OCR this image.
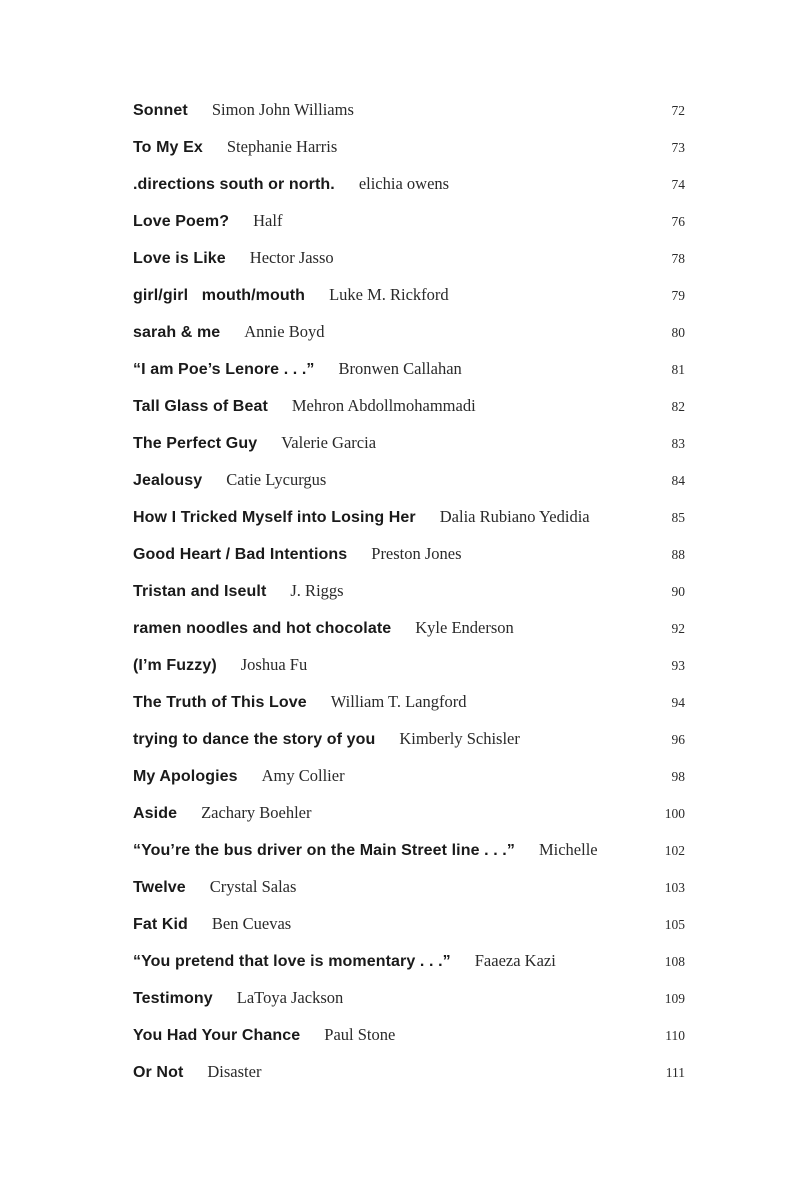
Sonnet Simon John Williams	72
To My Ex Stephanie Harris	73
.directions south or north. elichia owens	74
Love Poem? Half	76
Love is Like Hector Jasso	78
girl/girl   mouth/mouth Luke M. Rickford	79
sarah & me Annie Boyd	80
“I am Poe’s Lenore . . .” Bronwen Callahan	81
Tall Glass of Beat Mehron Abdollmohammadi	82
The Perfect Guy Valerie Garcia	83
Jealousy Catie Lycurgus	84
How I Tricked Myself into Losing Her Dalia Rubiano Yedidia	85
Good Heart / Bad Intentions Preston Jones	88
Tristan and Iseult J. Riggs	90
ramen noodles and hot chocolate Kyle Enderson	92
(I’m Fuzzy) Joshua Fu	93
The Truth of This Love William T. Langford	94
trying to dance the story of you Kimberly Schisler	96
My Apologies Amy Collier	98
Aside Zachary Boehler	100
“You’re the bus driver on the Main Street line . . .” Michelle	102
Twelve Crystal Salas	103
Fat Kid Ben Cuevas	105
“You pretend that love is momentary . . .” Faaeza Kazi	108
Testimony LaToya Jackson	109
You Had Your Chance Paul Stone	110
Or Not Disaster	111
